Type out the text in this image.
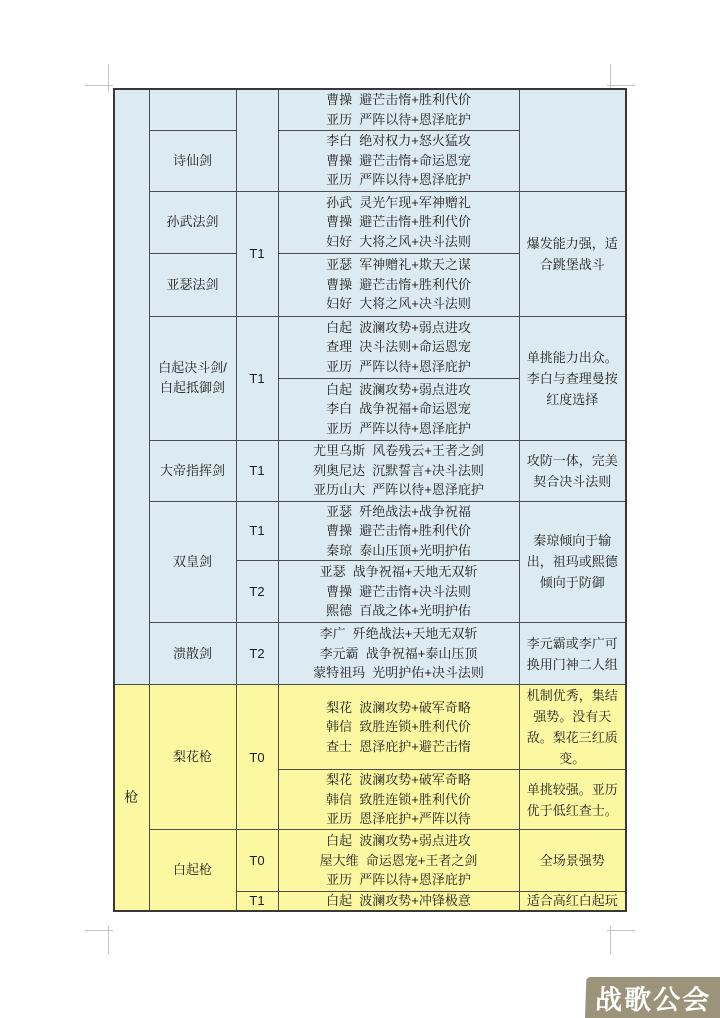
			曹操  避芒击惰+胜利代价
亚历  严阵以待+恩泽庇护	

	诗仙剑		李白  绝对权力+怒火猛攻
曹操  避芒击惰+命运恩宠
亚历  严阵以待+恩泽庇护	

	孙武法剑	T1	孙武  灵光乍现+军神赠礼
曹操  避芒击惰+胜利代价
妇好  大将之风+决斗法则	爆发能力强，适合跳堡战斗
	亚瑟法剑		亚瑟  军神赠礼+欺天之谋
曹操  避芒击惰+胜利代价
妇好  大将之风+决斗法则	

	白起决斗剑/白起抵御剑	T1	白起  波澜攻势+弱点进攻
查理  决斗法则+命运恩宠
亚历  严阵以待+恩泽庇护	单挑能力出众。李白与查理曼按红度选择

			白起  波澜攻势+弱点进攻
李白  战争祝福+命运恩宠
亚历  严阵以待+恩泽庇护	

	大帝指挥剑	T1	尤里乌斯  风卷残云+王者之剑
列奥尼达  沉默誓言+决斗法则
亚历山大  严阵以待+恩泽庇护	攻防一体，完美契合决斗法则
	双皇剑	T1	亚瑟  歼绝战法+战争祝福
曹操  避芒击惰+胜利代价
秦琼  泰山压顶+光明护佑	秦琼倾向于输出，祖玛或熙德倾向于防御
		T2	亚瑟  战争祝福+天地无双斩
曹操  避芒击惰+决斗法则
熙德  百战之体+光明护佑	

	溃散剑	T2	李广  歼绝战法+天地无双斩
李元霸  战争祝福+泰山压顶
蒙特祖玛  光明护佑+决斗法则	李元霸或李广可换用门神二人组
枪	梨花枪	T0	梨花  波澜攻势+破军奇略
韩信  致胜连锁+胜利代价
查士  恩泽庇护+避芒击惰	机制优秀，集结强势。没有天敌。梨花三红质变。

			梨花  波澜攻势+破军奇略
韩信  致胜连锁+胜利代价
亚历  恩泽庇护+严阵以待	单挑较强。亚历优于低红查士。
	白起枪	T0	白起  波澜攻势+弱点进攻
屋大维  命运恩宠+王者之剑
亚历  严阵以待+恩泽庇护	全场景强势
		T1	白起  波澜攻势+冲锋极意	适合高红白起玩
战歌公会
